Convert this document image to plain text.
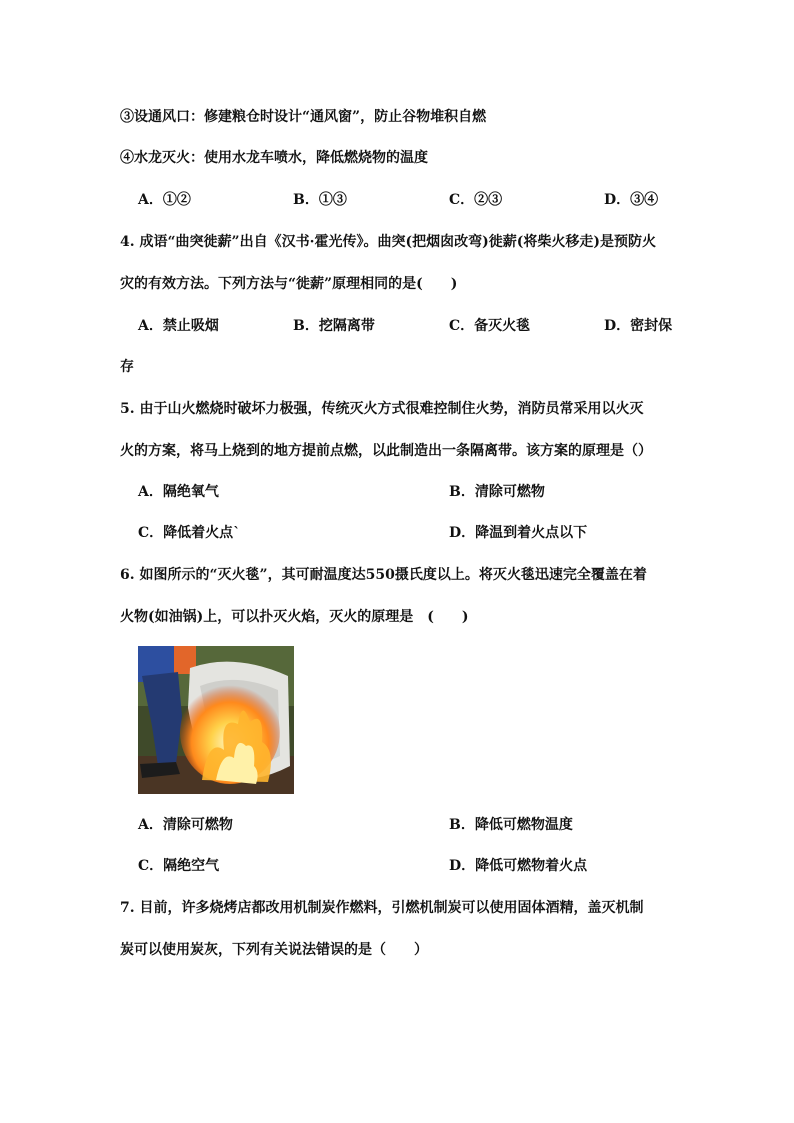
③设通风口：修建粮仓时设计“通风窗”，防止谷物堆积自燃
④水龙灭火：使用水龙车喷水，降低燃烧物的温度
A．①②	B．①③	C．②③	D．③④
4. 成语“曲突徙薪”出自《汉书·霍光传》。曲突(把烟囱改弯)徙薪(将柴火移走)是预防火
灾的有效方法。下列方法与“徙薪”原理相同的是(　　)
A．禁止吸烟	B．挖隔离带	C．备灭火毯	D．密封保
存
5. 由于山火燃烧时破坏力极强，传统灭火方式很难控制住火势，消防员常采用以火灭
火的方案，将马上烧到的地方提前点燃，以此制造出一条隔离带。该方案的原理是（）
A．隔绝氧气	B．清除可燃物
C．降低着火点`	D．降温到着火点以下
6. 如图所示的“灭火毯”，其可耐温度达550摄氏度以上。将灭火毯迅速完全覆盖在着
火物(如油锅)上，可以扑灭火焰，灭火的原理是　(　　)
A．清除可燃物	B．降低可燃物温度
C．隔绝空气	D．降低可燃物着火点
7. 目前，许多烧烤店都改用机制炭作燃料，引燃机制炭可以使用固体酒精，盖灭机制
炭可以使用炭灰，下列有关说法错误的是（　　）
